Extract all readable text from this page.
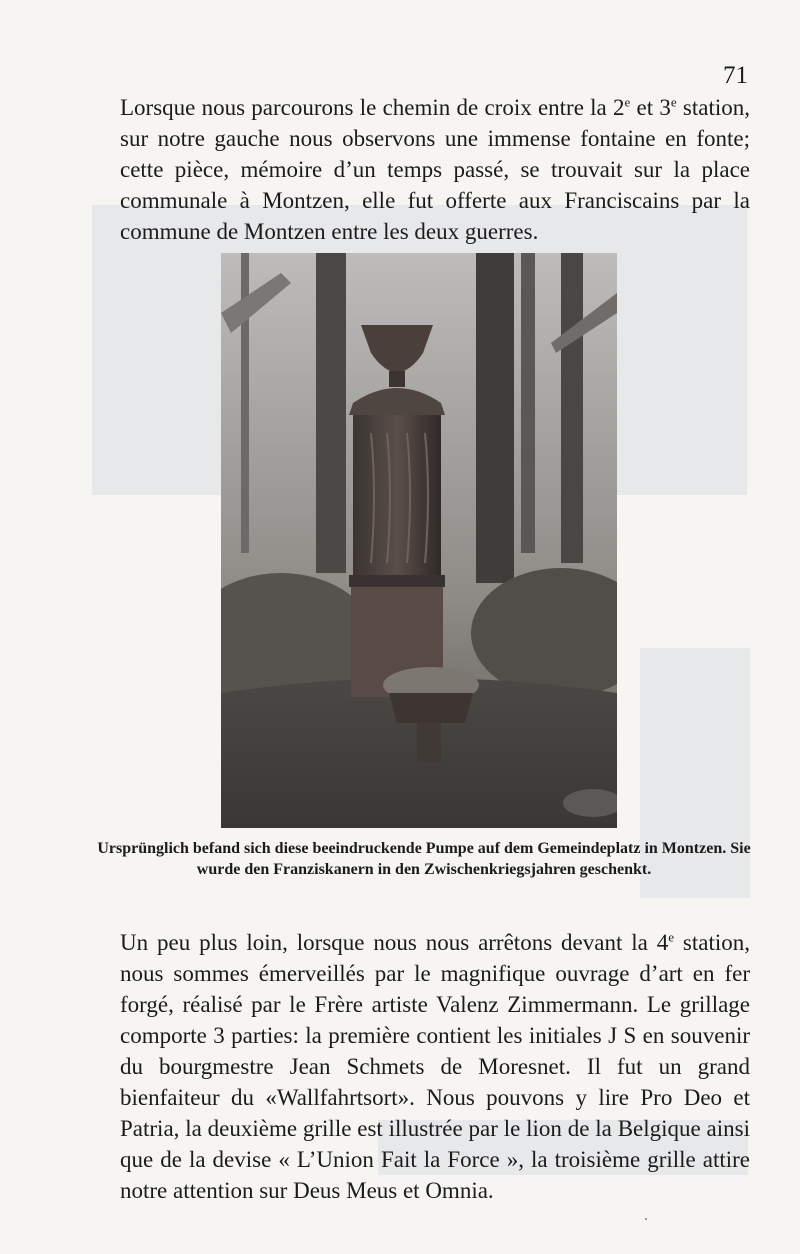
71

Lorsque nous parcourons le chemin de croix entre la 2e et 3e station, sur notre gauche nous observons une immense fontaine en fonte; cette pièce, mémoire d’un temps passé, se trouvait sur la place communale à Montzen, elle fut offerte aux Franciscains par la commune de Montzen entre les deux guerres.

Ursprünglich befand sich diese beeindruckende Pumpe auf dem Gemeindeplatz in Montzen. Sie wurde den Franziskanern in den Zwischenkriegsjahren geschenkt.

Un peu plus loin, lorsque nous nous arrêtons devant la 4e station, nous sommes émerveillés par le magnifique ouvrage d’art en fer forgé, réalisé par le Frère artiste Valenz Zimmermann. Le grillage comporte 3 parties: la première contient les initiales J S en souvenir du bourgmestre Jean Schmets de Moresnet. Il fut un grand bienfaiteur du «Wallfahrtsort». Nous pouvons y lire Pro Deo et Patria, la deuxième grille est illustrée par le lion de la Belgique ainsi que de la devise « L’Union Fait la Force », la troisième grille attire notre attention sur Deus Meus et Omnia.
